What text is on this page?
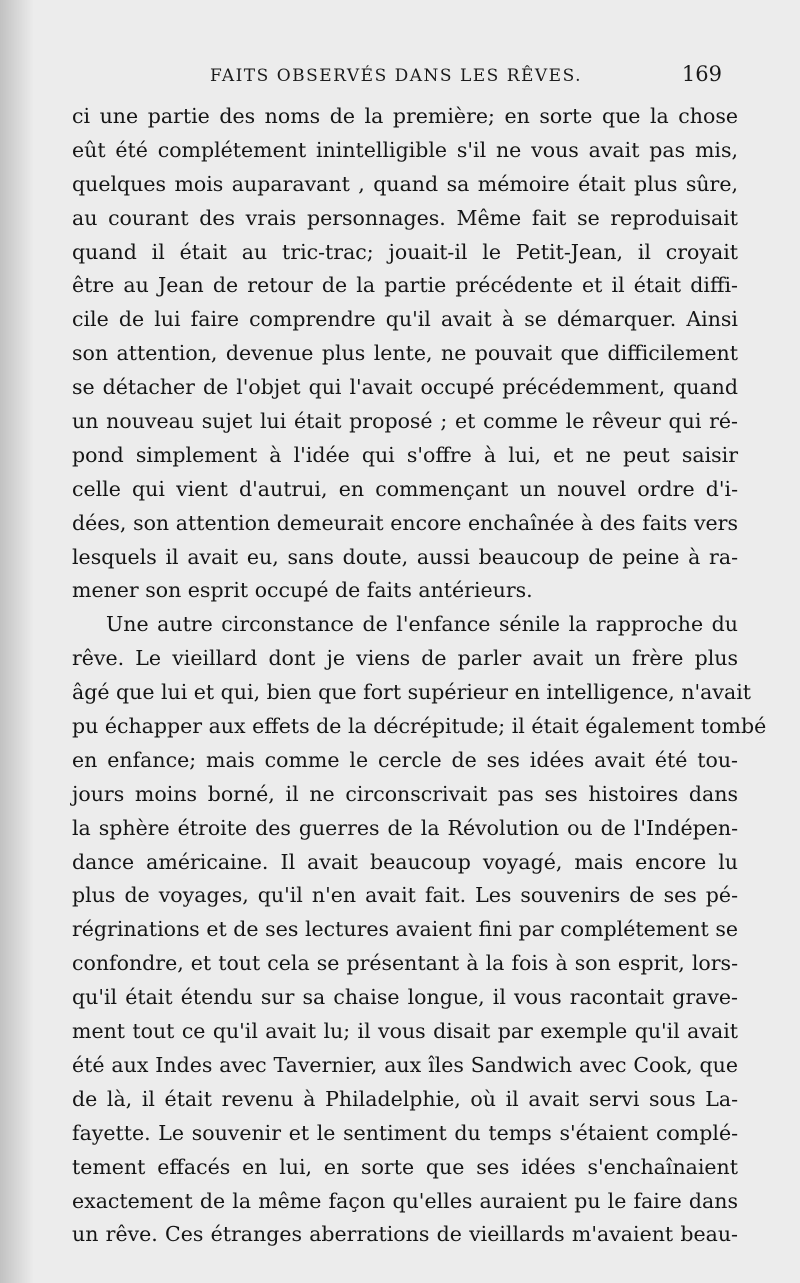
FAITS OBSERVÉS DANS LES RÊVES.	169
ci une partie des noms de la première; en sorte que la chose
eût été complétement inintelligible s'il ne vous avait pas mis,
quelques mois auparavant , quand sa mémoire était plus sûre,
au courant des vrais personnages. Même fait se reproduisait
quand il était au tric-trac; jouait-il le Petit-Jean, il croyait
être au Jean de retour de la partie précédente et il était diffi-
cile de lui faire comprendre qu'il avait à se démarquer. Ainsi
son attention, devenue plus lente, ne pouvait que difficilement
se détacher de l'objet qui l'avait occupé précédemment, quand
un nouveau sujet lui était proposé ; et comme le rêveur qui ré-
pond simplement à l'idée qui s'offre à lui, et ne peut saisir
celle qui vient d'autrui, en commençant un nouvel ordre d'i-
dées, son attention demeurait encore enchaînée à des faits vers
lesquels il avait eu, sans doute, aussi beaucoup de peine à ra-
mener son esprit occupé de faits antérieurs.
Une autre circonstance de l'enfance sénile la rapproche du
rêve. Le vieillard dont je viens de parler avait un frère plus
âgé que lui et qui, bien que fort supérieur en intelligence, n'avait
pu échapper aux effets de la décrépitude; il était également tombé
en enfance; mais comme le cercle de ses idées avait été tou-
jours moins borné, il ne circonscrivait pas ses histoires dans
la sphère étroite des guerres de la Révolution ou de l'Indépen-
dance américaine. Il avait beaucoup voyagé, mais encore lu
plus de voyages, qu'il n'en avait fait. Les souvenirs de ses pé-
régrinations et de ses lectures avaient fini par complétement se
confondre, et tout cela se présentant à la fois à son esprit, lors-
qu'il était étendu sur sa chaise longue, il vous racontait grave-
ment tout ce qu'il avait lu; il vous disait par exemple qu'il avait
été aux Indes avec Tavernier, aux îles Sandwich avec Cook, que
de là, il était revenu à Philadelphie, où il avait servi sous La-
fayette. Le souvenir et le sentiment du temps s'étaient complé-
tement effacés en lui, en sorte que ses idées s'enchaînaient
exactement de la même façon qu'elles auraient pu le faire dans
un rêve. Ces étranges aberrations de vieillards m'avaient beau-
